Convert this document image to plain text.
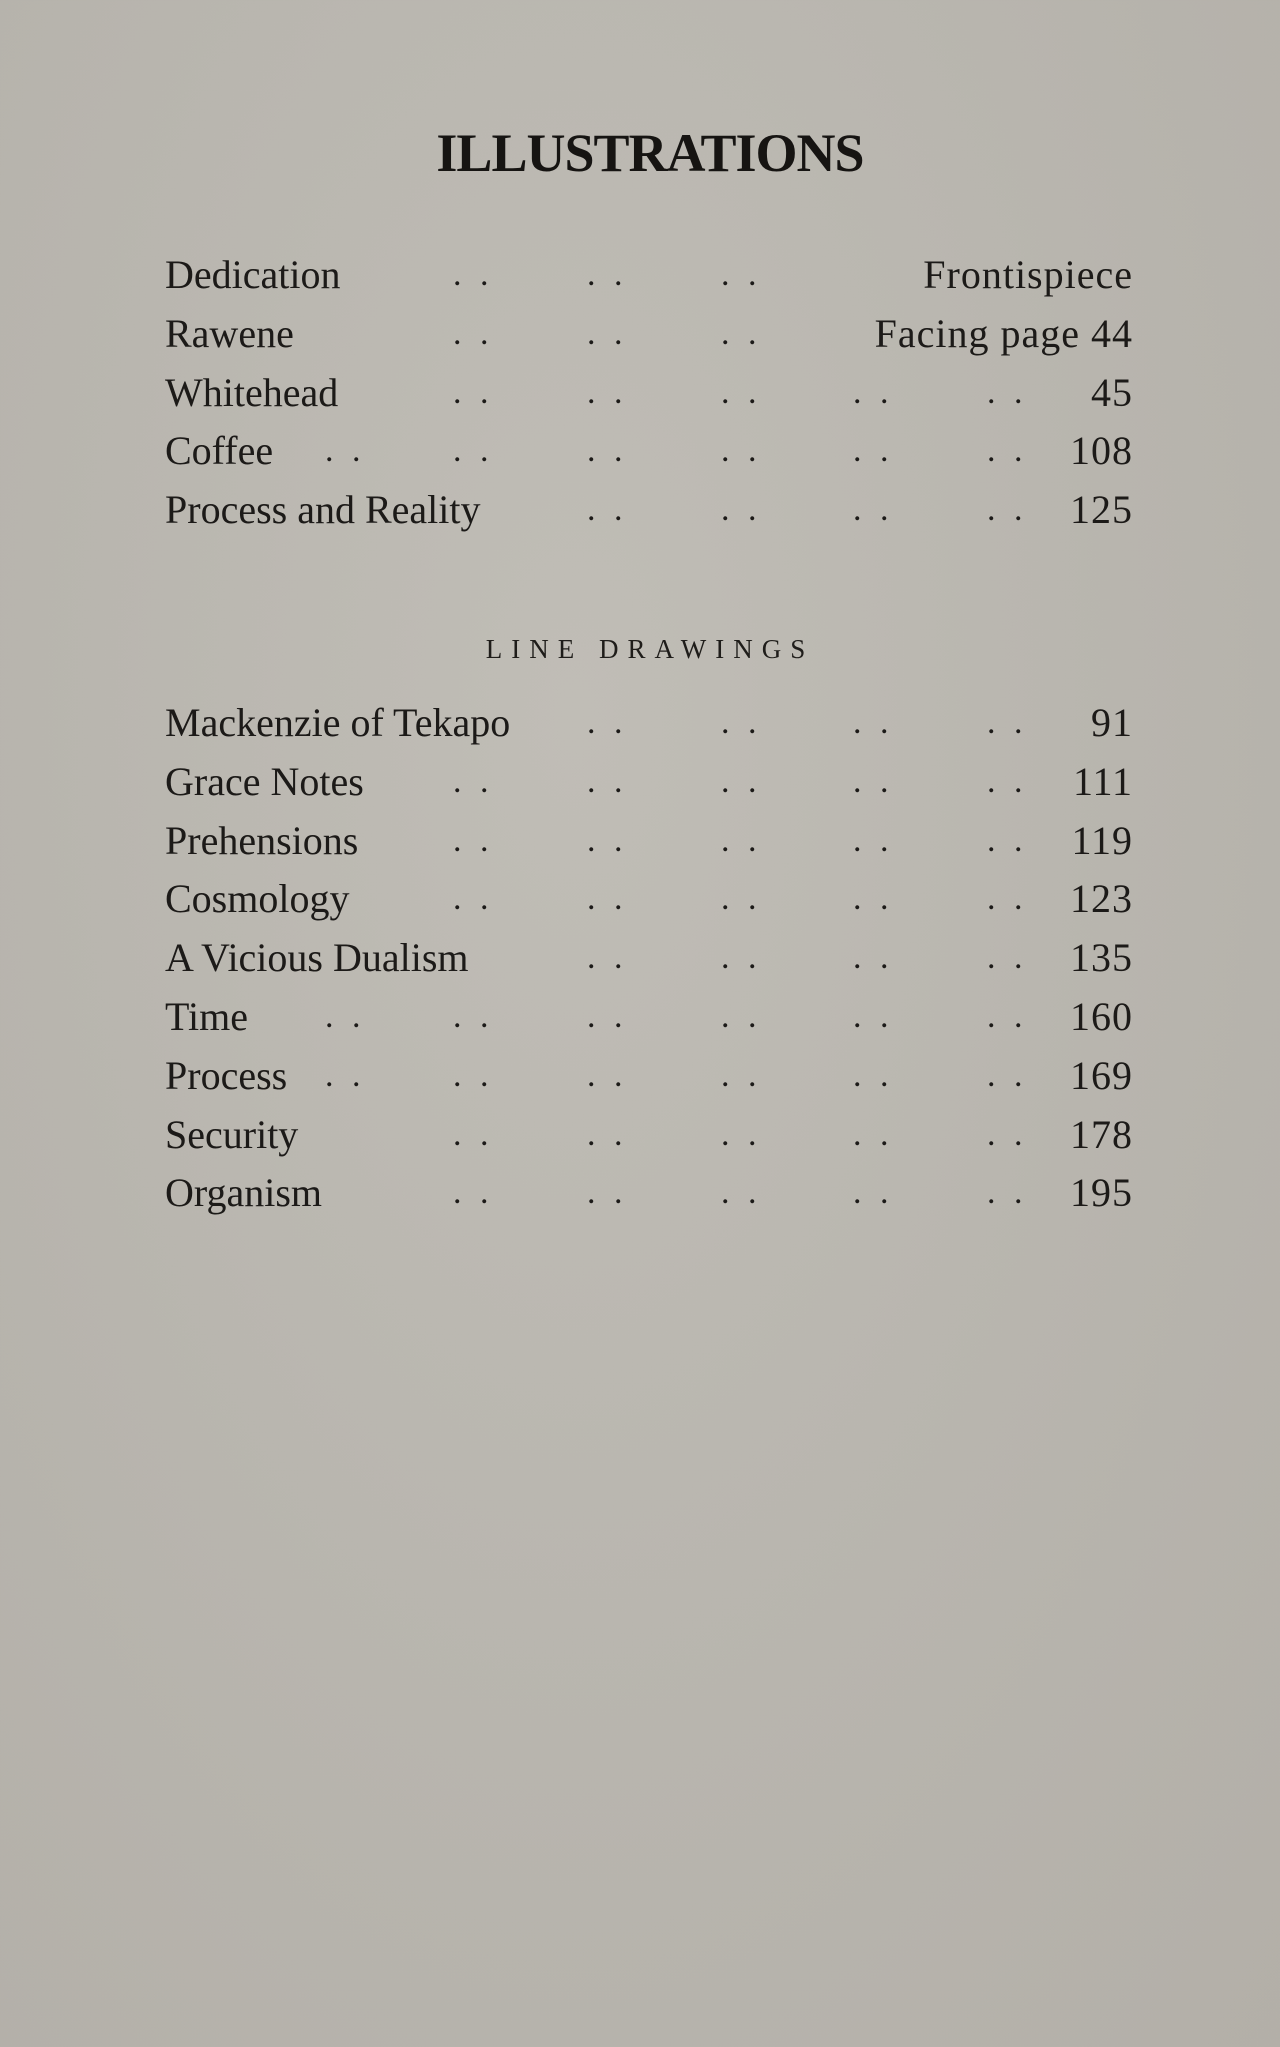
ILLUSTRATIONS
Dedication	. .	. .	. .	Frontispiece
Rawene	. .	. .	. .	Facing page 44
Whitehead	. .	. .	. .	. .	. . 45
Coffee . .	. .	. .	. .	. .	. . 108
Process and Reality	. .	. .	. .	. . 125
LINE DRAWINGS
Mackenzie of Tekapo . .	. .	. .	. . 91
Grace Notes	. .	. .	. .	. .	. . 111
Prehensions	. .	. .	. .	. .	. . 119
Cosmology	. .	. .	. .	. .	. . 123
A Vicious Dualism	. .	. .	. .	. . 135
Time . .	. .	. .	. .	. .	. . 160
Process . .	. .	. .	. .	. .	. . 169
Security	. .	. .	. .	. .	. . 178
Organism	. .	. .	. .	. .	. . 195
